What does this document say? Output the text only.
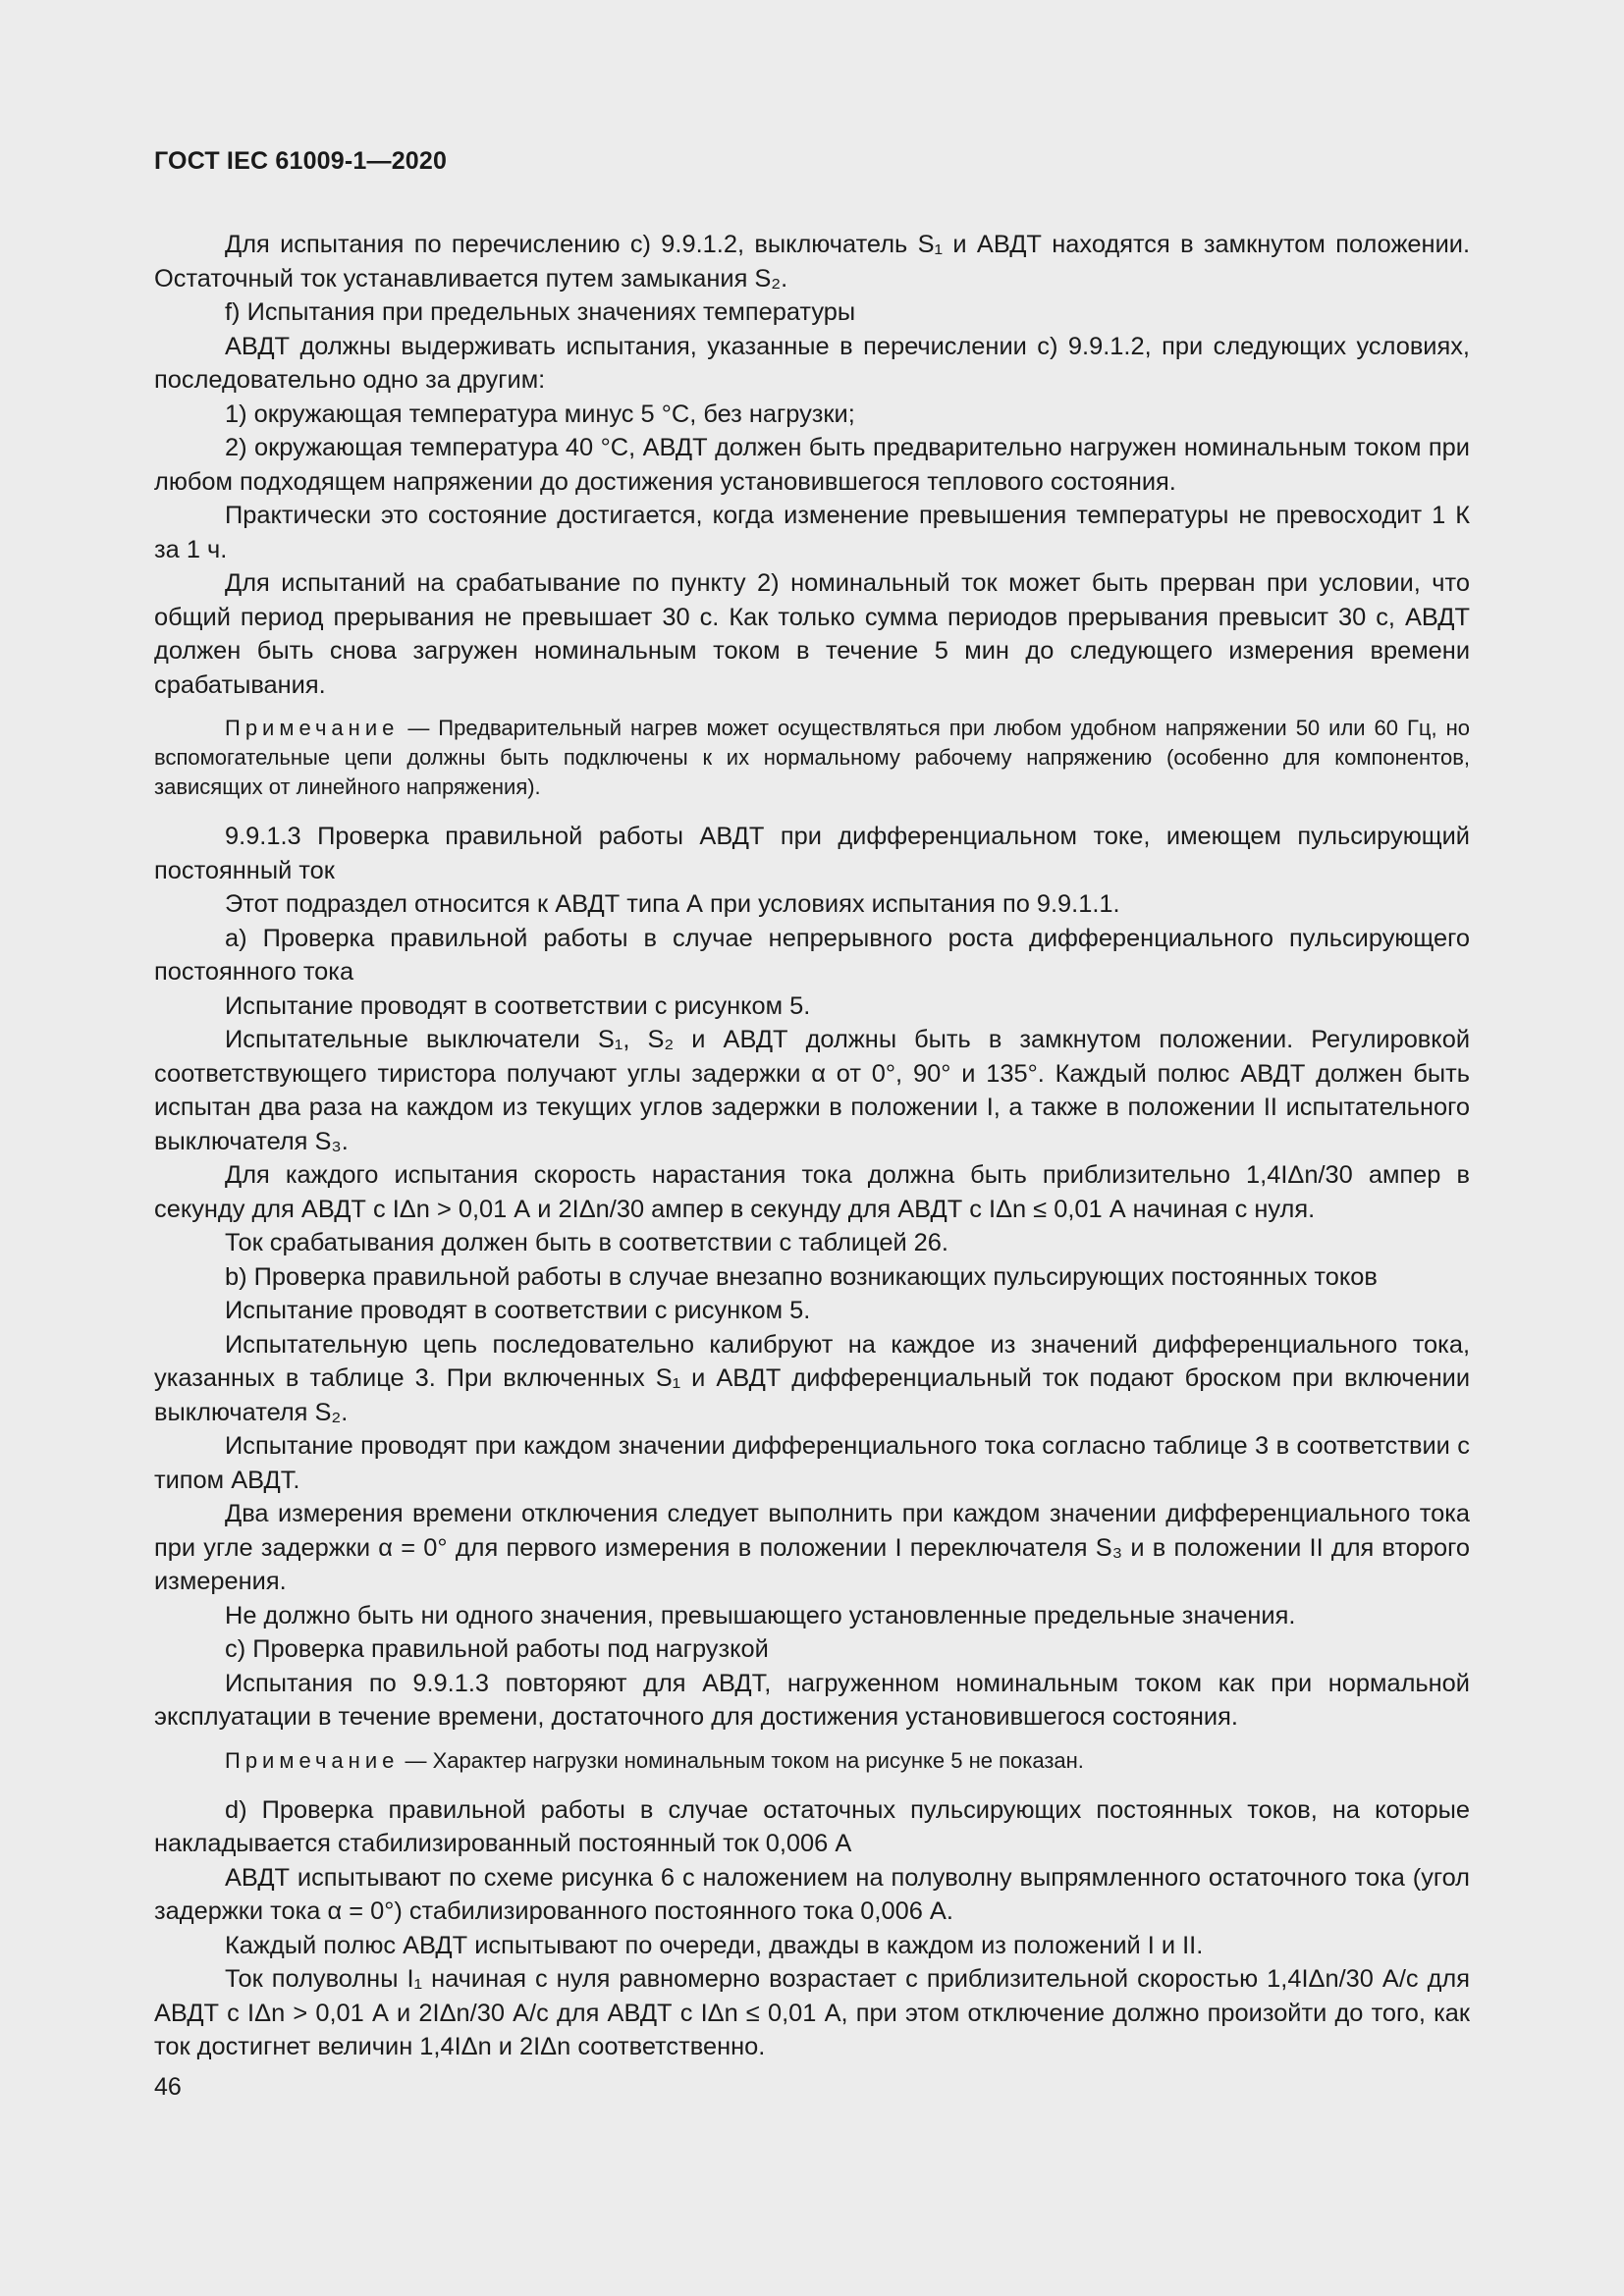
ГОСТ IEC 61009-1—2020

Для испытания по перечислению c) 9.9.1.2, выключатель S₁ и АВДТ находятся в замкнутом положении. Остаточный ток устанавливается путем замыкания S₂.

f) Испытания при предельных значениях температуры

АВДТ должны выдерживать испытания, указанные в перечислении c) 9.9.1.2, при следующих условиях, последовательно одно за другим:

1) окружающая температура минус 5 °С, без нагрузки;

2) окружающая температура 40 °С, АВДТ должен быть предварительно нагружен номинальным током при любом подходящем напряжении до достижения установившегося теплового состояния.

Практически это состояние достигается, когда изменение превышения температуры не превосходит 1 К за 1 ч.

Для испытаний на срабатывание по пункту 2) номинальный ток может быть прерван при условии, что общий период прерывания не превышает 30 с. Как только сумма периодов прерывания превысит 30 с, АВДТ должен быть снова загружен номинальным током в течение 5 мин до следующего измерения времени срабатывания.

Примечание — Предварительный нагрев может осуществляться при любом удобном напряжении 50 или 60 Гц, но вспомогательные цепи должны быть подключены к их нормальному рабочему напряжению (особенно для компонентов, зависящих от линейного напряжения).

9.9.1.3 Проверка правильной работы АВДТ при дифференциальном токе, имеющем пульсирующий постоянный ток

Этот подраздел относится к АВДТ типа А при условиях испытания по 9.9.1.1.

a) Проверка правильной работы в случае непрерывного роста дифференциального пульсирующего постоянного тока

Испытание проводят в соответствии с рисунком 5.

Испытательные выключатели S₁, S₂ и АВДТ должны быть в замкнутом положении. Регулировкой соответствующего тиристора получают углы задержки α от 0°, 90° и 135°. Каждый полюс АВДТ должен быть испытан два раза на каждом из текущих углов задержки в положении I, а также в положении II испытательного выключателя S₃.

Для каждого испытания скорость нарастания тока должна быть приблизительно 1,4IΔn/30 ампер в секунду для АВДТ с IΔn > 0,01 А и 2IΔn/30 ампер в секунду для АВДТ с IΔn ≤ 0,01 А начиная с нуля.

Ток срабатывания должен быть в соответствии с таблицей 26.

b) Проверка правильной работы в случае внезапно возникающих пульсирующих постоянных токов

Испытание проводят в соответствии с рисунком 5.

Испытательную цепь последовательно калибруют на каждое из значений дифференциального тока, указанных в таблице 3. При включенных S₁ и АВДТ дифференциальный ток подают броском при включении выключателя S₂.

Испытание проводят при каждом значении дифференциального тока согласно таблице 3 в соответствии с типом АВДТ.

Два измерения времени отключения следует выполнить при каждом значении дифференциального тока при угле задержки α = 0° для первого измерения в положении I переключателя S₃ и в положении II для второго измерения.

Не должно быть ни одного значения, превышающего установленные предельные значения.

c) Проверка правильной работы под нагрузкой

Испытания по 9.9.1.3 повторяют для АВДТ, нагруженном номинальным током как при нормальной эксплуатации в течение времени, достаточного для достижения установившегося состояния.

Примечание — Характер нагрузки номинальным током на рисунке 5 не показан.

d) Проверка правильной работы в случае остаточных пульсирующих постоянных токов, на которые накладывается стабилизированный постоянный ток 0,006 А

АВДТ испытывают по схеме рисунка 6 с наложением на полуволну выпрямленного остаточного тока (угол задержки тока α = 0°) стабилизированного постоянного тока 0,006 А.

Каждый полюс АВДТ испытывают по очереди, дважды в каждом из положений I и II.

Ток полуволны I₁ начиная с нуля равномерно возрастает с приблизительной скоростью 1,4IΔn/30 А/с для АВДТ с IΔn > 0,01 А и 2IΔn/30 А/с для АВДТ с IΔn ≤ 0,01 А, при этом отключение должно произойти до того, как ток достигнет величин 1,4IΔn и 2IΔn соответственно.

46
